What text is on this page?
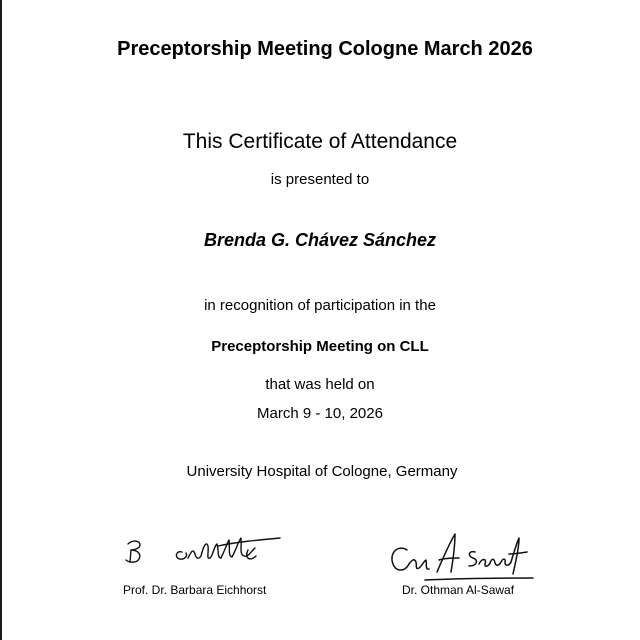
Preceptorship Meeting Cologne March 2026
This Certificate of Attendance
is presented to
Brenda G. Chávez Sánchez
in recognition of participation in the
Preceptorship Meeting on CLL
that was held on
March 9 - 10, 2026
University Hospital of Cologne, Germany
Prof. Dr. Barbara Eichhorst	Dr. Othman Al-Sawaf
